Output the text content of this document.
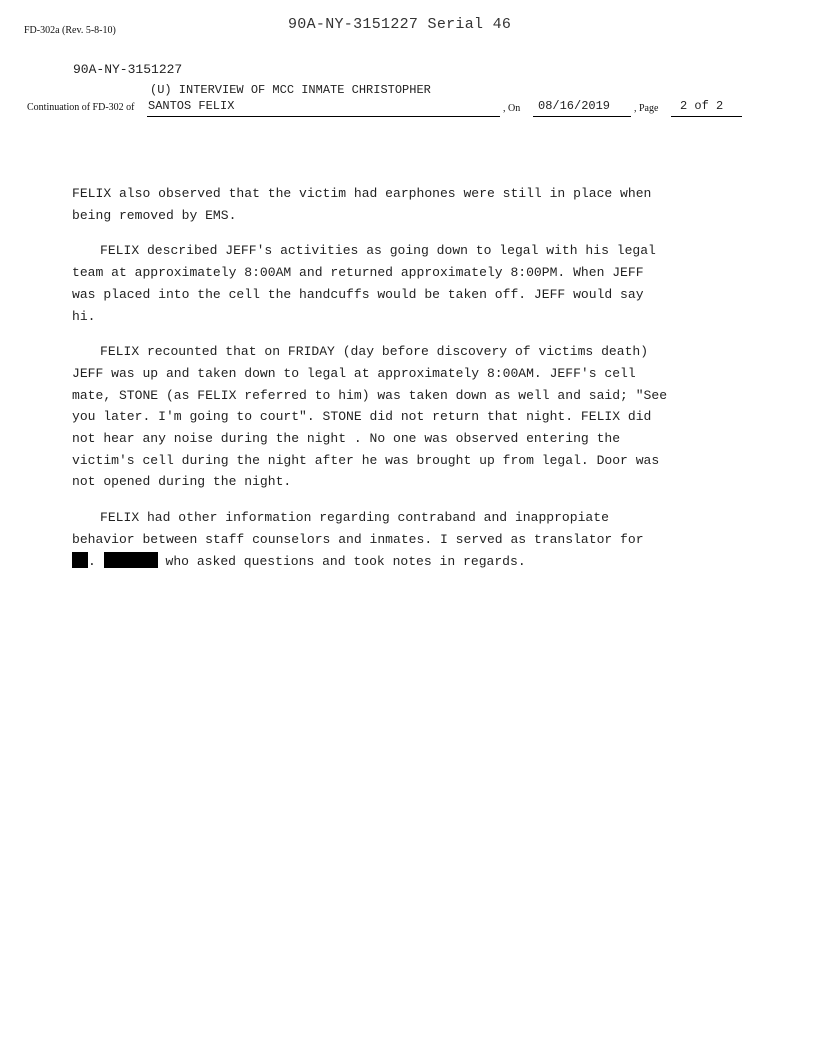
FD-302a (Rev. 5-8-10)	90A-NY-3151227 Serial 46
90A-NY-3151227
(U) INTERVIEW OF MCC INMATE CHRISTOPHER
Continuation of FD-302 of SANTOS FELIX	, On 08/16/2019 , Page 2 of 2

FELIX also observed that the victim had earphones were still in place when
being removed by EMS.

FELIX described JEFF's activities as going down to legal with his legal
team at approximately 8:00AM and returned approximately 8:00PM. When JEFF
was placed into the cell the handcuffs would be taken off. JEFF would say
hi.

FELIX recounted that on FRIDAY (day before discovery of victims death)
JEFF was up and taken down to legal at approximately 8:00AM. JEFF's cell
mate, STONE (as FELIX referred to him) was taken down as well and said; "See
you later. I'm going to court". STONE did not return that night. FELIX did
not hear any noise during the night . No one was observed entering the
victim's cell during the night after he was brought up from legal. Door was
not opened during the night.

FELIX had other information regarding contraband and inappropiate
behavior between staff counselors and inmates. I served as translator for
.	who asked questions and took notes in regards.
